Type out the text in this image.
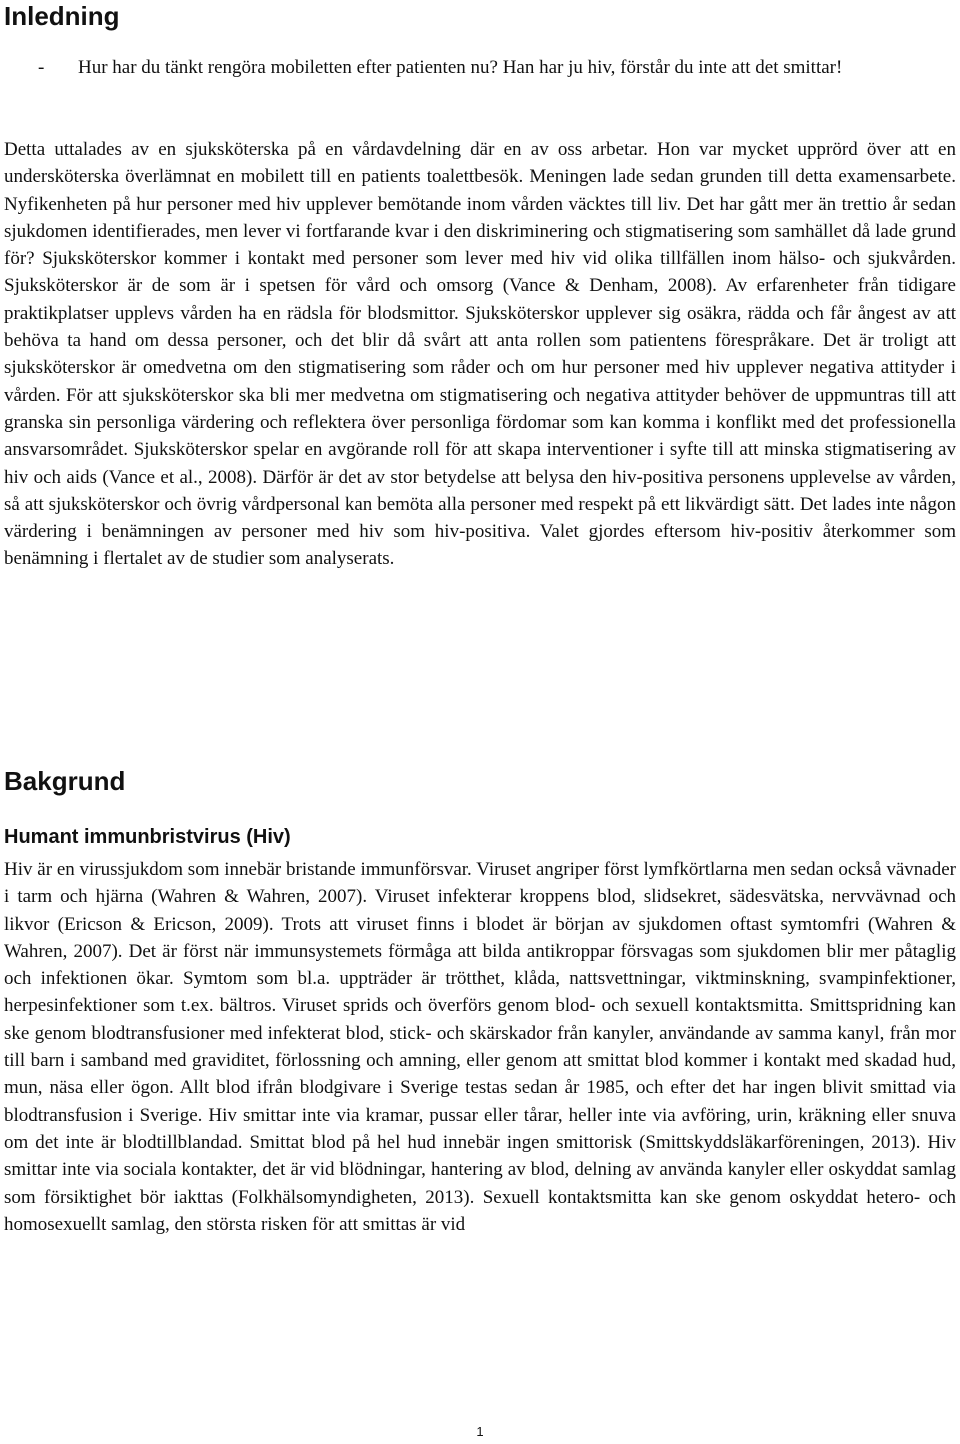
Inledning
-	Hur har du tänkt rengöra mobiletten efter patienten nu? Han har ju hiv, förstår du inte att det smittar!

Detta uttalades av en sjuksköterska på en vårdavdelning där en av oss arbetar. Hon var mycket upprörd över att en undersköterska överlämnat en mobilett till en patients toalettbesök. Meningen lade sedan grunden till detta examensarbete. Nyfikenheten på hur personer med hiv upplever bemötande inom vården väcktes till liv. Det har gått mer än trettio år sedan sjukdomen identifierades, men lever vi fortfarande kvar i den diskriminering och stigmatisering som samhället då lade grund för? Sjuksköterskor kommer i kontakt med personer som lever med hiv vid olika tillfällen inom hälso- och sjukvården. Sjuksköterskor är de som är i spetsen för vård och omsorg (Vance & Denham, 2008). Av erfarenheter från tidigare praktikplatser upplevs vården ha en rädsla för blodsmittor. Sjuksköterskor upplever sig osäkra, rädda och får ångest av att behöva ta hand om dessa personer, och det blir då svårt att anta rollen som patientens förespråkare. Det är troligt att sjuksköterskor är omedvetna om den stigmatisering som råder och om hur personer med hiv upplever negativa attityder i vården. För att sjuksköterskor ska bli mer medvetna om stigmatisering och negativa attityder behöver de uppmuntras till att granska sin personliga värdering och reflektera över personliga fördomar som kan komma i konflikt med det professionella ansvarsområdet. Sjuksköterskor spelar en avgörande roll för att skapa interventioner i syfte till att minska stigmatisering av hiv och aids (Vance et al., 2008). Därför är det av stor betydelse att belysa den hiv-positiva personens upplevelse av vården, så att sjuksköterskor och övrig vårdpersonal kan bemöta alla personer med respekt på ett likvärdigt sätt. Det lades inte någon värdering i benämningen av personer med hiv som hiv-positiva. Valet gjordes eftersom hiv-positiv återkommer som benämning i flertalet av de studier som analyserats.

Bakgrund
Humant immunbristvirus (Hiv)

Hiv är en virussjukdom som innebär bristande immunförsvar. Viruset angriper först lymfkörtlarna men sedan också vävnader i tarm och hjärna (Wahren & Wahren, 2007). Viruset infekterar kroppens blod, slidsekret, sädesvätska, nervvävnad och likvor (Ericson & Ericson, 2009). Trots att viruset finns i blodet är början av sjukdomen oftast symtomfri (Wahren & Wahren, 2007). Det är först när immunsystemets förmåga att bilda antikroppar försvagas som sjukdomen blir mer påtaglig och infektionen ökar. Symtom som bl.a. uppträder är trötthet, klåda, nattsvettningar, viktminskning, svampinfektioner, herpesinfektioner som t.ex. bältros. Viruset sprids och överförs genom blod- och sexuell kontaktsmitta. Smittspridning kan ske genom blodtransfusioner med infekterat blod, stick- och skärskador från kanyler, användande av samma kanyl, från mor till barn i samband med graviditet, förlossning och amning, eller genom att smittat blod kommer i kontakt med skadad hud, mun, näsa eller ögon. Allt blod ifrån blodgivare i Sverige testas sedan år 1985, och efter det har ingen blivit smittad via blodtransfusion i Sverige. Hiv smittar inte via kramar, pussar eller tårar, heller inte via avföring, urin, kräkning eller snuva om det inte är blodtillblandad. Smittat blod på hel hud innebär ingen smittorisk (Smittskyddsläkarföreningen, 2013). Hiv smittar inte via sociala kontakter, det är vid blödningar, hantering av blod, delning av använda kanyler eller oskyddat samlag som försiktighet bör iakttas (Folkhälsomyndigheten, 2013). Sexuell kontaktsmitta kan ske genom oskyddat hetero- och homosexuellt samlag, den största risken för att smittas är vid

1
